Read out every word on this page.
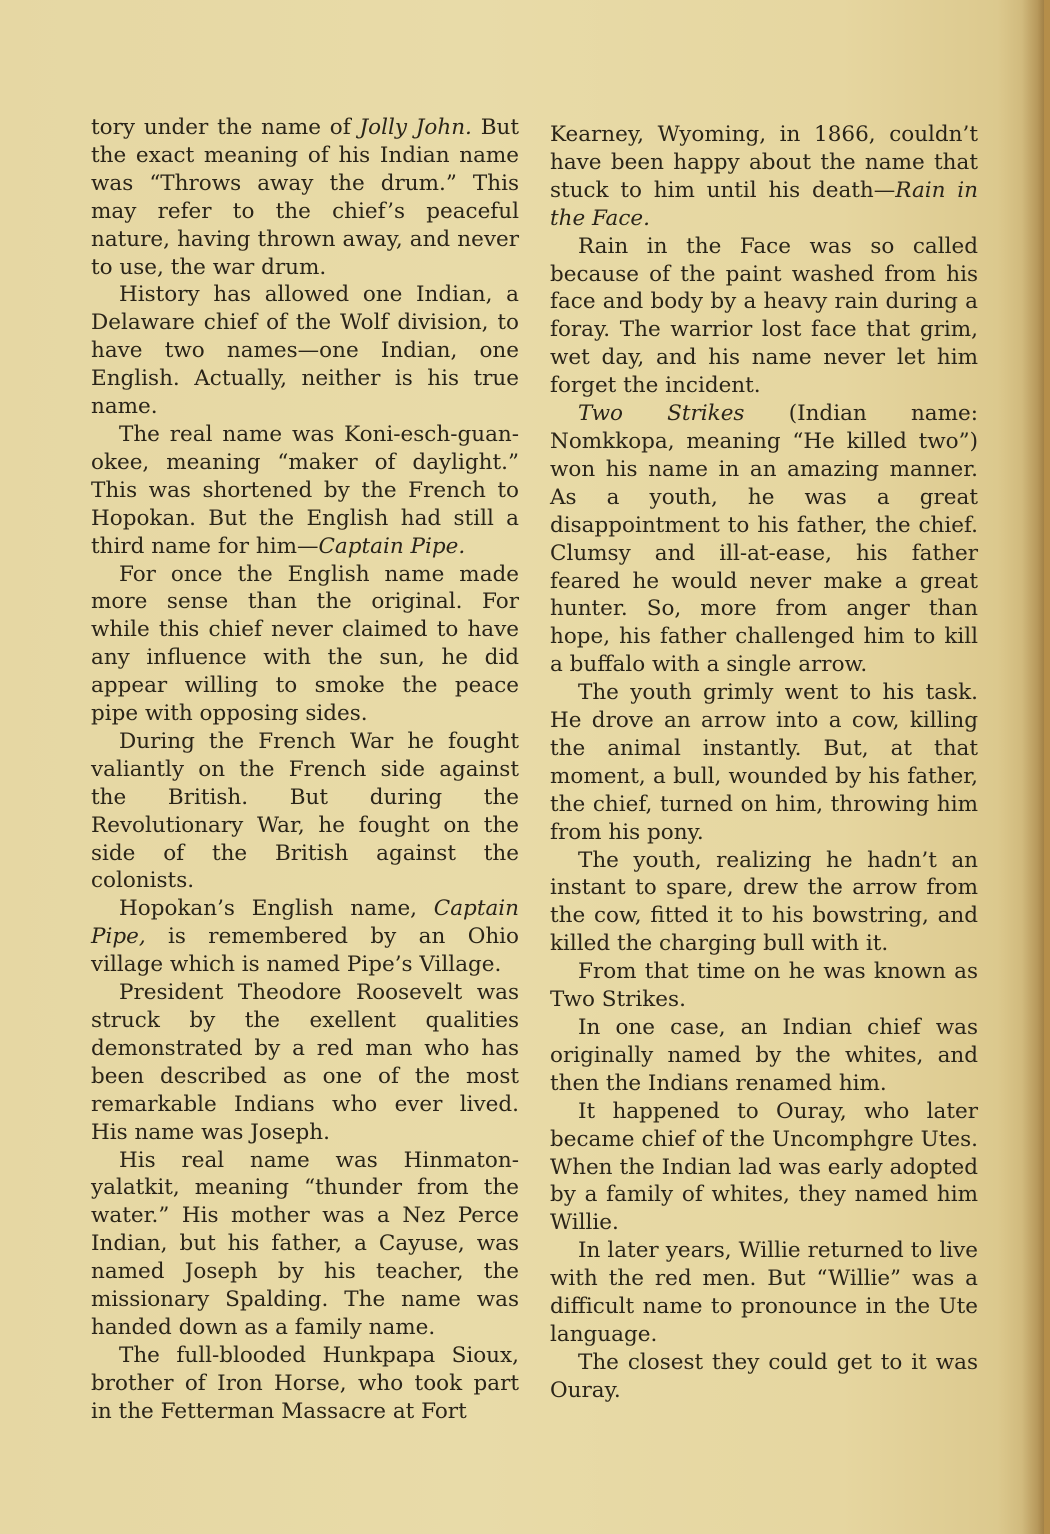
tory under the name of Jolly John. But the exact meaning of his Indian name was “Throws away the drum.” This may refer to the chief’s peaceful nature, having thrown away, and never to use, the war drum.

History has allowed one Indian, a Delaware chief of the Wolf division, to have two names—one Indian, one English. Actually, neither is his true name.

The real name was Koni-esch-guan-okee, meaning “maker of daylight.” This was shortened by the French to Hopokan. But the English had still a third name for him—Captain Pipe.

For once the English name made more sense than the original. For while this chief never claimed to have any influence with the sun, he did appear willing to smoke the peace pipe with opposing sides.

During the French War he fought valiantly on the French side against the British. But during the Revolutionary War, he fought on the side of the British against the colonists.

Hopokan’s English name, Captain Pipe, is remembered by an Ohio village which is named Pipe’s Village.

President Theodore Roosevelt was struck by the exellent qualities demonstrated by a red man who has been described as one of the most remarkable Indians who ever lived. His name was Joseph.

His real name was Hinmaton-yalatkit, meaning “thunder from the water.” His mother was a Nez Perce Indian, but his father, a Cayuse, was named Joseph by his teacher, the missionary Spalding. The name was handed down as a family name.

The full-blooded Hunkpapa Sioux, brother of Iron Horse, who took part in the Fetterman Massacre at Fort

Kearney, Wyoming, in 1866, couldn’t have been happy about the name that stuck to him until his death—Rain in the Face.

Rain in the Face was so called because of the paint washed from his face and body by a heavy rain during a foray. The warrior lost face that grim, wet day, and his name never let him forget the incident.

Two Strikes (Indian name: Nomkkopa, meaning “He killed two”) won his name in an amazing manner. As a youth, he was a great disappointment to his father, the chief. Clumsy and ill-at-ease, his father feared he would never make a great hunter. So, more from anger than hope, his father challenged him to kill a buffalo with a single arrow.

The youth grimly went to his task. He drove an arrow into a cow, killing the animal instantly. But, at that moment, a bull, wounded by his father, the chief, turned on him, throwing him from his pony.

The youth, realizing he hadn’t an instant to spare, drew the arrow from the cow, fitted it to his bowstring, and killed the charging bull with it.

From that time on he was known as Two Strikes.

In one case, an Indian chief was originally named by the whites, and then the Indians renamed him.

It happened to Ouray, who later became chief of the Uncomphgre Utes. When the Indian lad was early adopted by a family of whites, they named him Willie.

In later years, Willie returned to live with the red men. But “Willie” was a difficult name to pronounce in the Ute language.

The closest they could get to it was Ouray.
